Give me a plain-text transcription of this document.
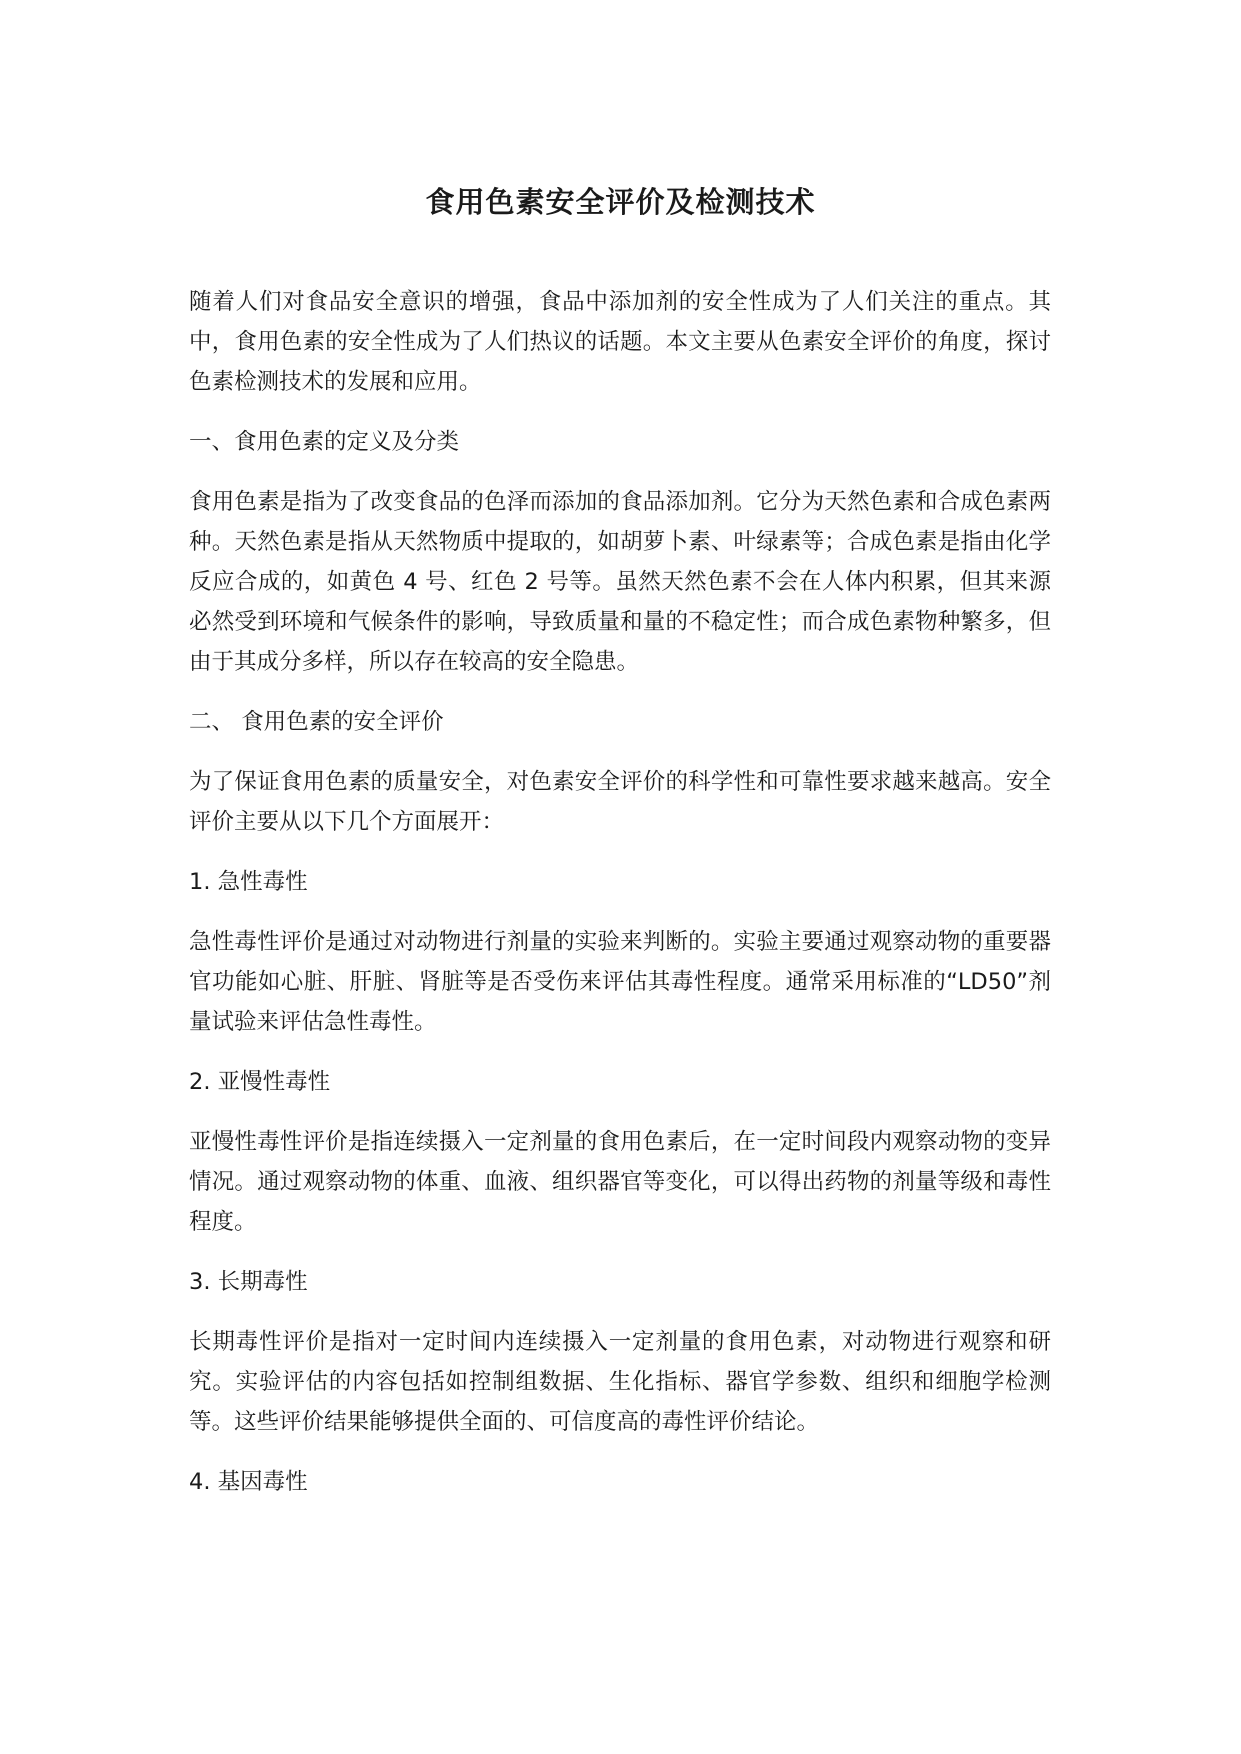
食用色素安全评价及检测技术

随着人们对食品安全意识的增强，食品中添加剂的安全性成为了人们关注的重点。其中，食用色素的安全性成为了人们热议的话题。本文主要从色素安全评价的角度，探讨色素检测技术的发展和应用。

一、食用色素的定义及分类

食用色素是指为了改变食品的色泽而添加的食品添加剂。它分为天然色素和合成色素两种。天然色素是指从天然物质中提取的，如胡萝卜素、叶绿素等；合成色素是指由化学反应合成的，如黄色 4 号、红色 2 号等。虽然天然色素不会在人体内积累，但其来源必然受到环境和气候条件的影响，导致质量和量的不稳定性；而合成色素物种繁多，但由于其成分多样，所以存在较高的安全隐患。

二、 食用色素的安全评价

为了保证食用色素的质量安全，对色素安全评价的科学性和可靠性要求越来越高。安全评价主要从以下几个方面展开：

1. 急性毒性

急性毒性评价是通过对动物进行剂量的实验来判断的。实验主要通过观察动物的重要器官功能如心脏、肝脏、肾脏等是否受伤来评估其毒性程度。通常采用标准的“LD50”剂量试验来评估急性毒性。

2. 亚慢性毒性

亚慢性毒性评价是指连续摄入一定剂量的食用色素后，在一定时间段内观察动物的变异情况。通过观察动物的体重、血液、组织器官等变化，可以得出药物的剂量等级和毒性程度。

3. 长期毒性

长期毒性评价是指对一定时间内连续摄入一定剂量的食用色素，对动物进行观察和研究。实验评估的内容包括如控制组数据、生化指标、器官学参数、组织和细胞学检测等。这些评价结果能够提供全面的、可信度高的毒性评价结论。

4. 基因毒性
